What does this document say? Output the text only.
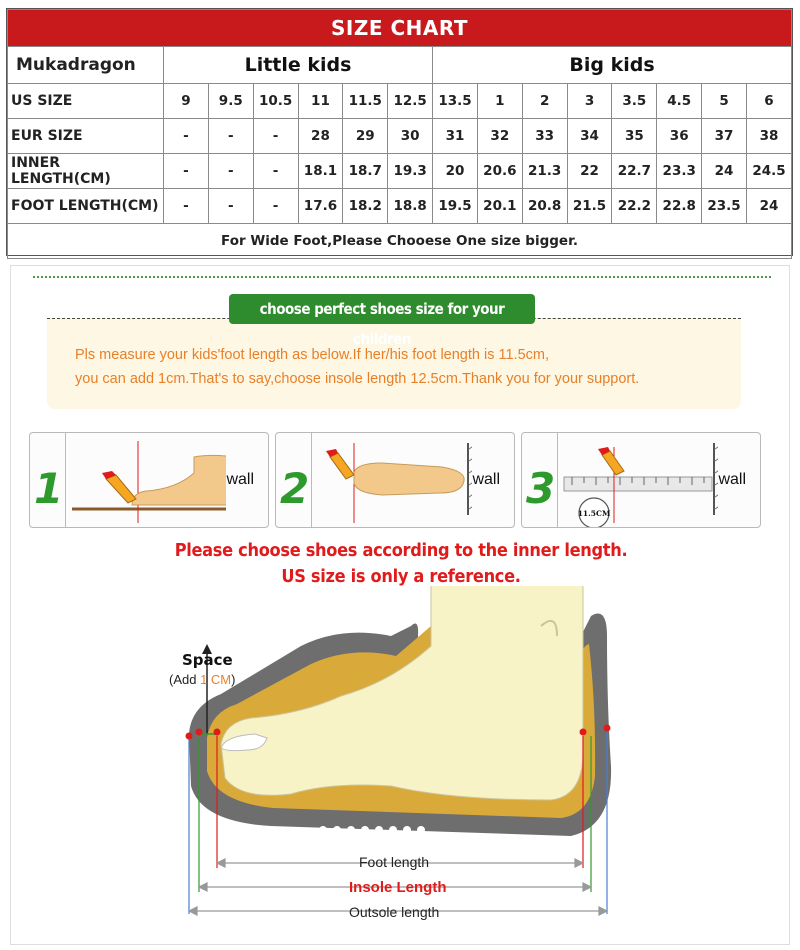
SIZE CHART														
Mukadragon	Little kids						Big kids							
US SIZE	9	9.5	10.5	11	11.5	12.5	13.5	1	2	3	3.5	4.5	5	6
EUR SIZE	-	-	-	28	29	30	31	32	33	34	35	36	37	38
INNER LENGTH(CM)	-	-	-	18.1	18.7	19.3	20	20.6	21.3	22	22.7	23.3	24	24.5
FOOT LENGTH(CM)	-	-	-	17.6	18.2	18.8	19.5	20.1	20.8	21.5	22.2	22.8	23.5	24
For Wide Foot,Please Chooese One size bigger.														
choose perfect shoes size for your children
Pls measure your kids'foot length as below.If her/his foot length is 11.5cm,
you can add 1cm.That's to say,choose insole length 12.5cm.Thank you for your support.
1	wall 2	wall 3
11.5CM
wall
Please choose shoes according to the inner length.
US size is only a reference.
Space
(Add 1 CM)
Foot length
Insole Length
Outsole length
